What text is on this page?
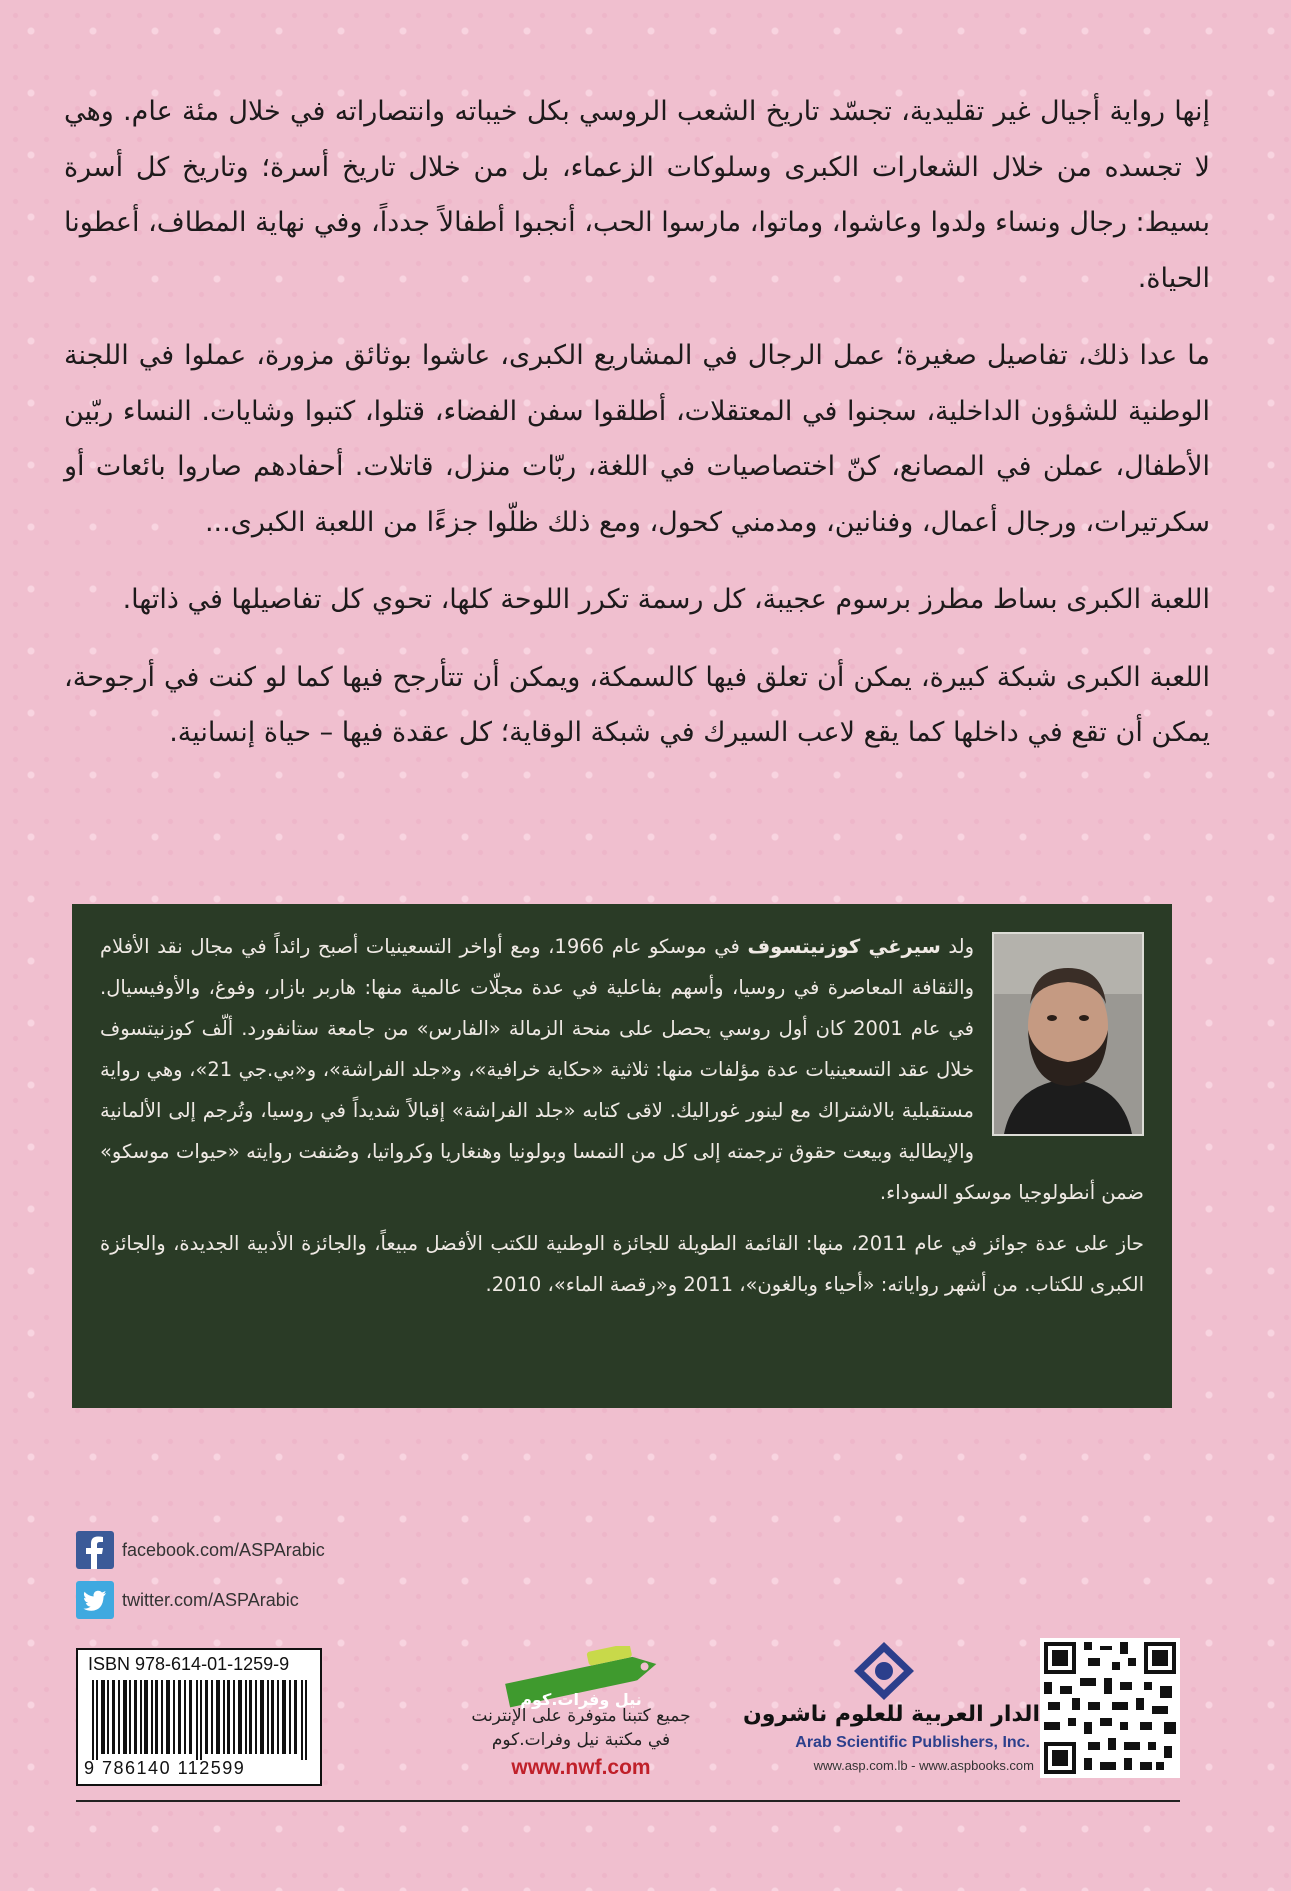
إنها رواية أجيال غير تقليدية، تجسّد تاريخ الشعب الروسي بكل خيباته وانتصاراته في خلال مئة عام. وهي لا تجسده من خلال الشعارات الكبرى وسلوكات الزعماء، بل من خلال تاريخ أسرة؛ وتاريخ كل أسرة بسيط: رجال ونساء ولدوا وعاشوا، وماتوا، مارسوا الحب، أنجبوا أطفالاً جدداً، وفي نهاية المطاف، أعطونا الحياة.

ما عدا ذلك، تفاصيل صغيرة؛ عمل الرجال في المشاريع الكبرى، عاشوا بوثائق مزورة، عملوا في اللجنة الوطنية للشؤون الداخلية، سجنوا في المعتقلات، أطلقوا سفن الفضاء، قتلوا، كتبوا وشايات. النساء ربّين الأطفال، عملن في المصانع، كنّ اختصاصيات في اللغة، ربّات منزل، قاتلات. أحفادهم صاروا بائعات أو سكرتيرات، ورجال أعمال، وفنانين، ومدمني كحول، ومع ذلك ظلّوا جزءًا من اللعبة الكبرى...

اللعبة الكبرى بساط مطرز برسوم عجيبة، كل رسمة تكرر اللوحة كلها، تحوي كل تفاصيلها في ذاتها.

اللعبة الكبرى شبكة كبيرة، يمكن أن تعلق فيها كالسمكة، ويمكن أن تتأرجح فيها كما لو كنت في أرجوحة، يمكن أن تقع في داخلها كما يقع لاعب السيرك في شبكة الوقاية؛ كل عقدة فيها – حياة إنسانية.

ولد سيرغي كوزنيتسوف في موسكو عام 1966، ومع أواخر التسعينيات أصبح رائداً في مجال نقد الأفلام والثقافة المعاصرة في روسيا، وأسهم بفاعلية في عدة مجلّات عالمية منها: هاربر بازار، وفوغ، والأوفيسيال. في عام 2001 كان أول روسي يحصل على منحة الزمالة «الفارس» من جامعة ستانفورد. ألّف كوزنيتسوف خلال عقد التسعينيات عدة مؤلفات منها: ثلاثية «حكاية خرافية»، و«جلد الفراشة»، و«بي.جي 21»، وهي رواية مستقبلية بالاشتراك مع لينور غوراليك. لاقى كتابه «جلد الفراشة» إقبالاً شديداً في روسيا، وتُرجم إلى الألمانية والإيطالية وبيعت حقوق ترجمته إلى كل من النمسا وبولونيا وهنغاريا وكرواتيا، وصُنفت روايته «حيوات موسكو» ضمن أنطولوجيا موسكو السوداء.

حاز على عدة جوائز في عام 2011، منها: القائمة الطويلة للجائزة الوطنية للكتب الأفضل مبيعاً، والجائزة الأدبية الجديدة، والجائزة الكبرى للكتاب. من أشهر رواياته: «أحياء وبالغون»، 2011 و«رقصة الماء»، 2010.

facebook.com/ASPArabic
twitter.com/ASPArabic
ISBN 978-614-01-1259-9
9 786140 112599
نيل وفرات.كوم
جميع كتبنا متوفرة على الإنترنت
في مكتبة نيل وفرات.كوم
www.nwf.com
الدار العربية للعلوم ناشرون
Arab Scientific Publishers, Inc.
www.asp.com.lb - www.aspbooks.com
